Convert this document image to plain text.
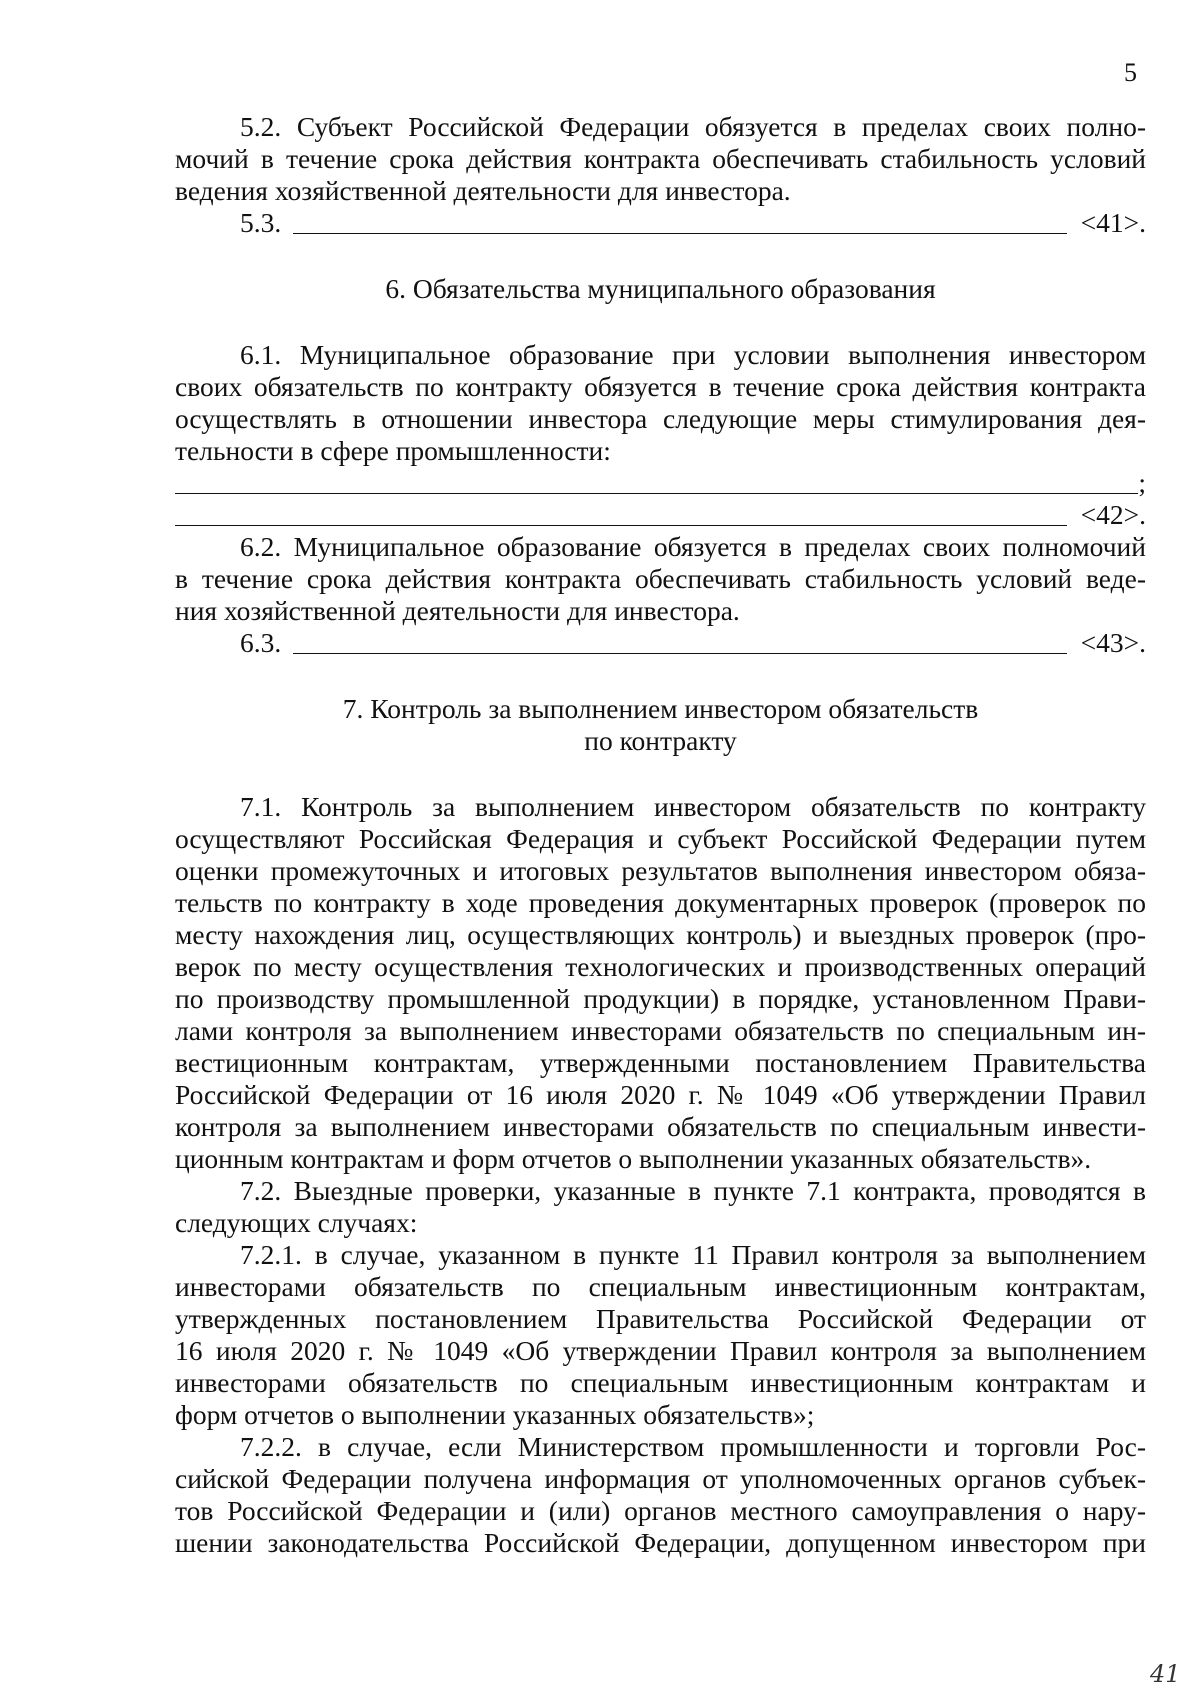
5
5.2. Субъект Российской Федерации обязуется в пределах своих полно-
мочий в течение срока действия контракта обеспечивать стабильность условий
ведения хозяйственной деятельности для инвестора.
5.3.	<41>.
6. Обязательства муниципального образования
6.1. Муниципальное образование при условии выполнения инвестором
своих обязательств по контракту обязуется в течение срока действия контракта
осуществлять в отношении инвестора следующие меры стимулирования дея-
тельности в сфере промышленности:
;
<42>.
6.2. Муниципальное образование обязуется в пределах своих полномочий
в течение срока действия контракта обеспечивать стабильность условий веде-
ния хозяйственной деятельности для инвестора.
6.3.	<43>.
7. Контроль за выполнением инвестором обязательств
по контракту
7.1. Контроль за выполнением инвестором обязательств по контракту
осуществляют Российская Федерация и субъект Российской Федерации путем
оценки промежуточных и итоговых результатов выполнения инвестором обяза-
тельств по контракту в ходе проведения документарных проверок (проверок по
месту нахождения лиц, осуществляющих контроль) и выездных проверок (про-
верок по месту осуществления технологических и производственных операций
по производству промышленной продукции) в порядке, установленном Прави-
лами контроля за выполнением инвесторами обязательств по специальным ин-
вестиционным контрактам, утвержденными постановлением Правительства
Российской Федерации от 16 июля 2020 г. № 1049 «Об утверждении Правил
контроля за выполнением инвесторами обязательств по специальным инвести-
ционным контрактам и форм отчетов о выполнении указанных обязательств».
7.2. Выездные проверки, указанные в пункте 7.1 контракта, проводятся в
следующих случаях:
7.2.1. в случае, указанном в пункте 11 Правил контроля за выполнением
инвесторами обязательств по специальным инвестиционным контрактам,
утвержденных постановлением Правительства Российской Федерации от
16 июля 2020 г. № 1049 «Об утверждении Правил контроля за выполнением
инвесторами обязательств по специальным инвестиционным контрактам и
форм отчетов о выполнении указанных обязательств»;
7.2.2. в случае, если Министерством промышленности и торговли Рос-
сийской Федерации получена информация от уполномоченных органов субъек-
тов Российской Федерации и (или) органов местного самоуправления о нару-
шении законодательства Российской Федерации, допущенном инвестором при
41
